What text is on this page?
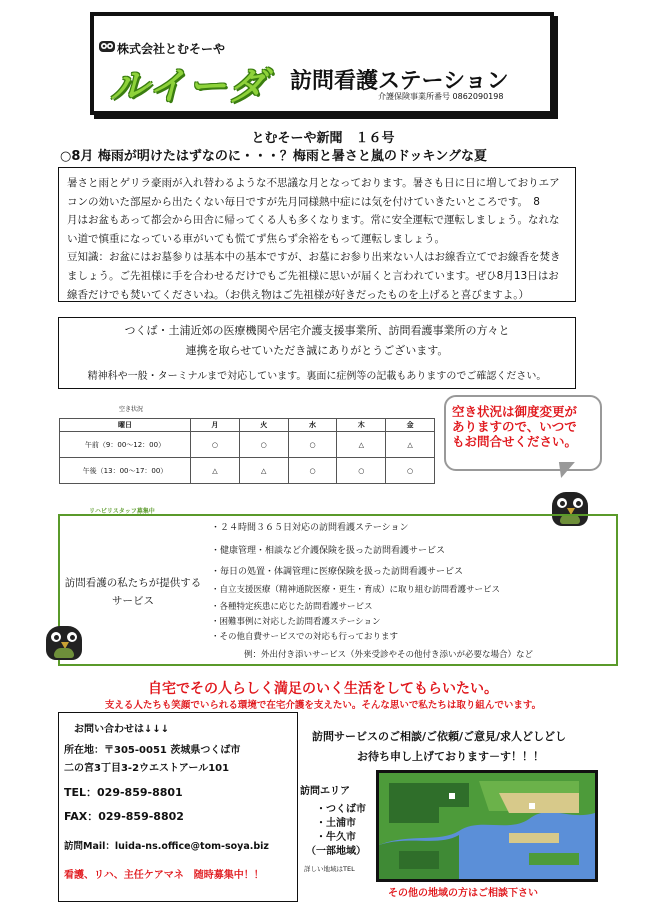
株式会社とむそーや
ルイーダ 訪問看護ステーション
介護保険事業所番号 0862090198
とむそーや新聞　１６号
○8月 梅雨が明けたはずなのに・・・？梅雨と暑さと嵐のドッキングな夏
暑さと雨とゲリラ豪雨が入れ替わるような不思議な月となっております。暑さも日に日に増しておりエア
コンの効いた部屋から出たくない毎日ですが先月同様熱中症には気を付けていきたいところです。　8
月はお盆もあって都会から田舎に帰ってくる人も多くなります。常に安全運転で運転しましょう。なれな
い道で慎重になっている車がいても慌てず焦らず余裕をもって運転しましょう。
豆知識：お盆にはお墓参りは基本中の基本ですが、お墓にお参り出来ない人はお線香立てでお線香を焚き
ましょう。ご先祖様に手を合わせるだけでもご先祖様に思いが届くと言われています。ぜひ8月13日はお
線香だけでも焚いてくださいね。（お供え物はご先祖様が好きだったものを上げると喜びますよ。）
つくば・土浦近郊の医療機関や居宅介護支援事業所、訪問看護事業所の方々と
連携を取らせていただき誠にありがとうございます。
精神科や一般・ターミナルまで対応しています。裏面に症例等の記載もありますのでご確認ください。
空き状況
曜日	月	火	水	木	金
午前（9：00～12：00）	○	○	○	△	△
午後（13：00～17：00）	△	△	○	○	○
空き状況は御度変更が
ありますので、いつで
もお問合せください。
リハビリスタッフ募集中
訪問看護の私たちが提供する
サービス
・２４時間３６５日対応の訪問看護ステーション
・健康管理・相談など介護保険を扱った訪問看護サービス
・毎日の処置・体調管理に医療保険を扱った訪問看護サービス
・自立支援医療（精神通院医療・更生・育成）に取り組む訪問看護サービス
・各種特定疾患に応じた訪問看護サービス
・困難事例に対応した訪問看護ステーション
・その他自費サービスでの対応も行っております
例：外出付き添いサービス（外来受診やその他付き添いが必要な場合）など
自宅でその人らしく満足のいく生活をしてもらいたい。
支える人たちも笑顔でいられる環境で在宅介護を支えたい。そんな思いで私たちは取り組んでいます。
お問い合わせは↓↓↓
所在地：〒305-0051 茨城県つくば市
二の宮3丁目3-2ウエストアール101
TEL：029-859-8801
FAX：029-859-8802
訪問Mail：luida-ns.office@tom-soya.biz
看護、リハ、主任ケアマネ　随時募集中！！
訪問サービスのご相談/ご依頼/ご意見/求人どしどし
お待ち申し上げております－す！！！
訪問エリア
・つくば市
・土浦市
・牛久市
（一部地域）
詳しい地域はTEL
その他の地域の方はご相談下さい
